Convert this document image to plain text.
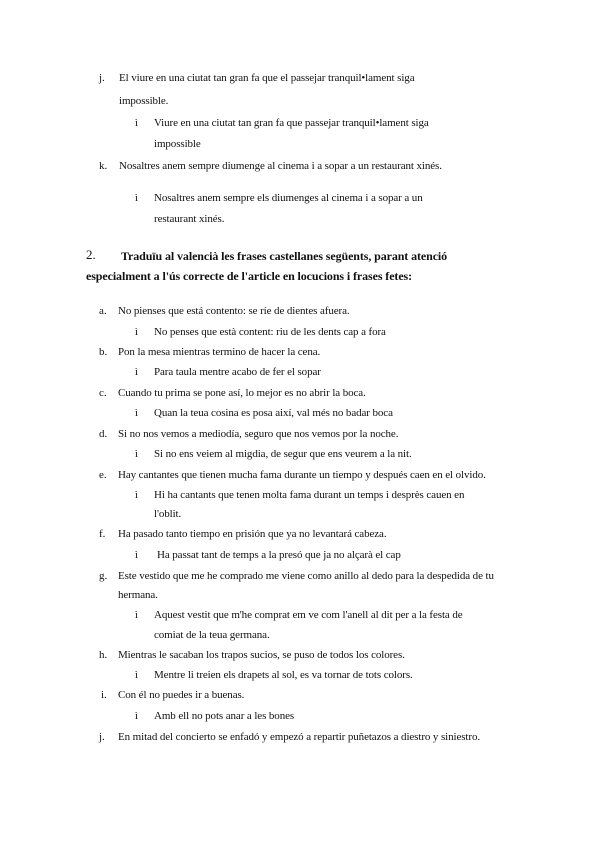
j. El viure en una ciutat tan gran fa que el passejar tranquil•lament siga
impossible.
ì Viure en una ciutat tan gran fa que passejar tranquil•lament siga
impossible
k. Nosaltres anem sempre diumenge al cinema i a sopar a un restaurant xinés.
ì Nosaltres anem sempre els diumenges al cinema i a sopar a un
restaurant xinés.
2. Traduïu al valencià les frases castellanes següents, parant atenció
especialment a l'ús correcte de l'article en locucions i frases fetes:
a. No pienses que está contento: se ríe de dientes afuera.
ì No penses que està content: riu de les dents cap a fora
b. Pon la mesa mientras termino de hacer la cena.
ì Para taula mentre acabo de fer el sopar
c. Cuando tu prima se pone así, lo mejor es no abrir la boca.
ì Quan la teua cosina es posa així, val més no badar boca
d. Si no nos vemos a mediodía, seguro que nos vemos por la noche.
ì Si no ens veiem al migdia, de segur que ens veurem a la nit.
e. Hay cantantes que tienen mucha fama durante un tiempo y después caen en el olvido.
ì Hi ha cantants que tenen molta fama durant un temps i desprès cauen en
l'oblit.
f. Ha pasado tanto tiempo en prisión que ya no levantará cabeza.
ì Ha passat tant de temps a la presó que ja no alçarà el cap
g. Este vestido que me he comprado me viene como anillo al dedo para la despedida de tu
hermana.
ì Aquest vestit que m'he comprat em ve com l'anell al dit per a la festa de
comiat de la teua germana.
h. Mientras le sacaban los trapos sucios, se puso de todos los colores.
ì Mentre li treien els drapets al sol, es va tornar de tots colors.
i. Con él no puedes ir a buenas.
ì Amb ell no pots anar a les bones
j. En mitad del concierto se enfadó y empezó a repartir puñetazos a diestro y siniestro.
